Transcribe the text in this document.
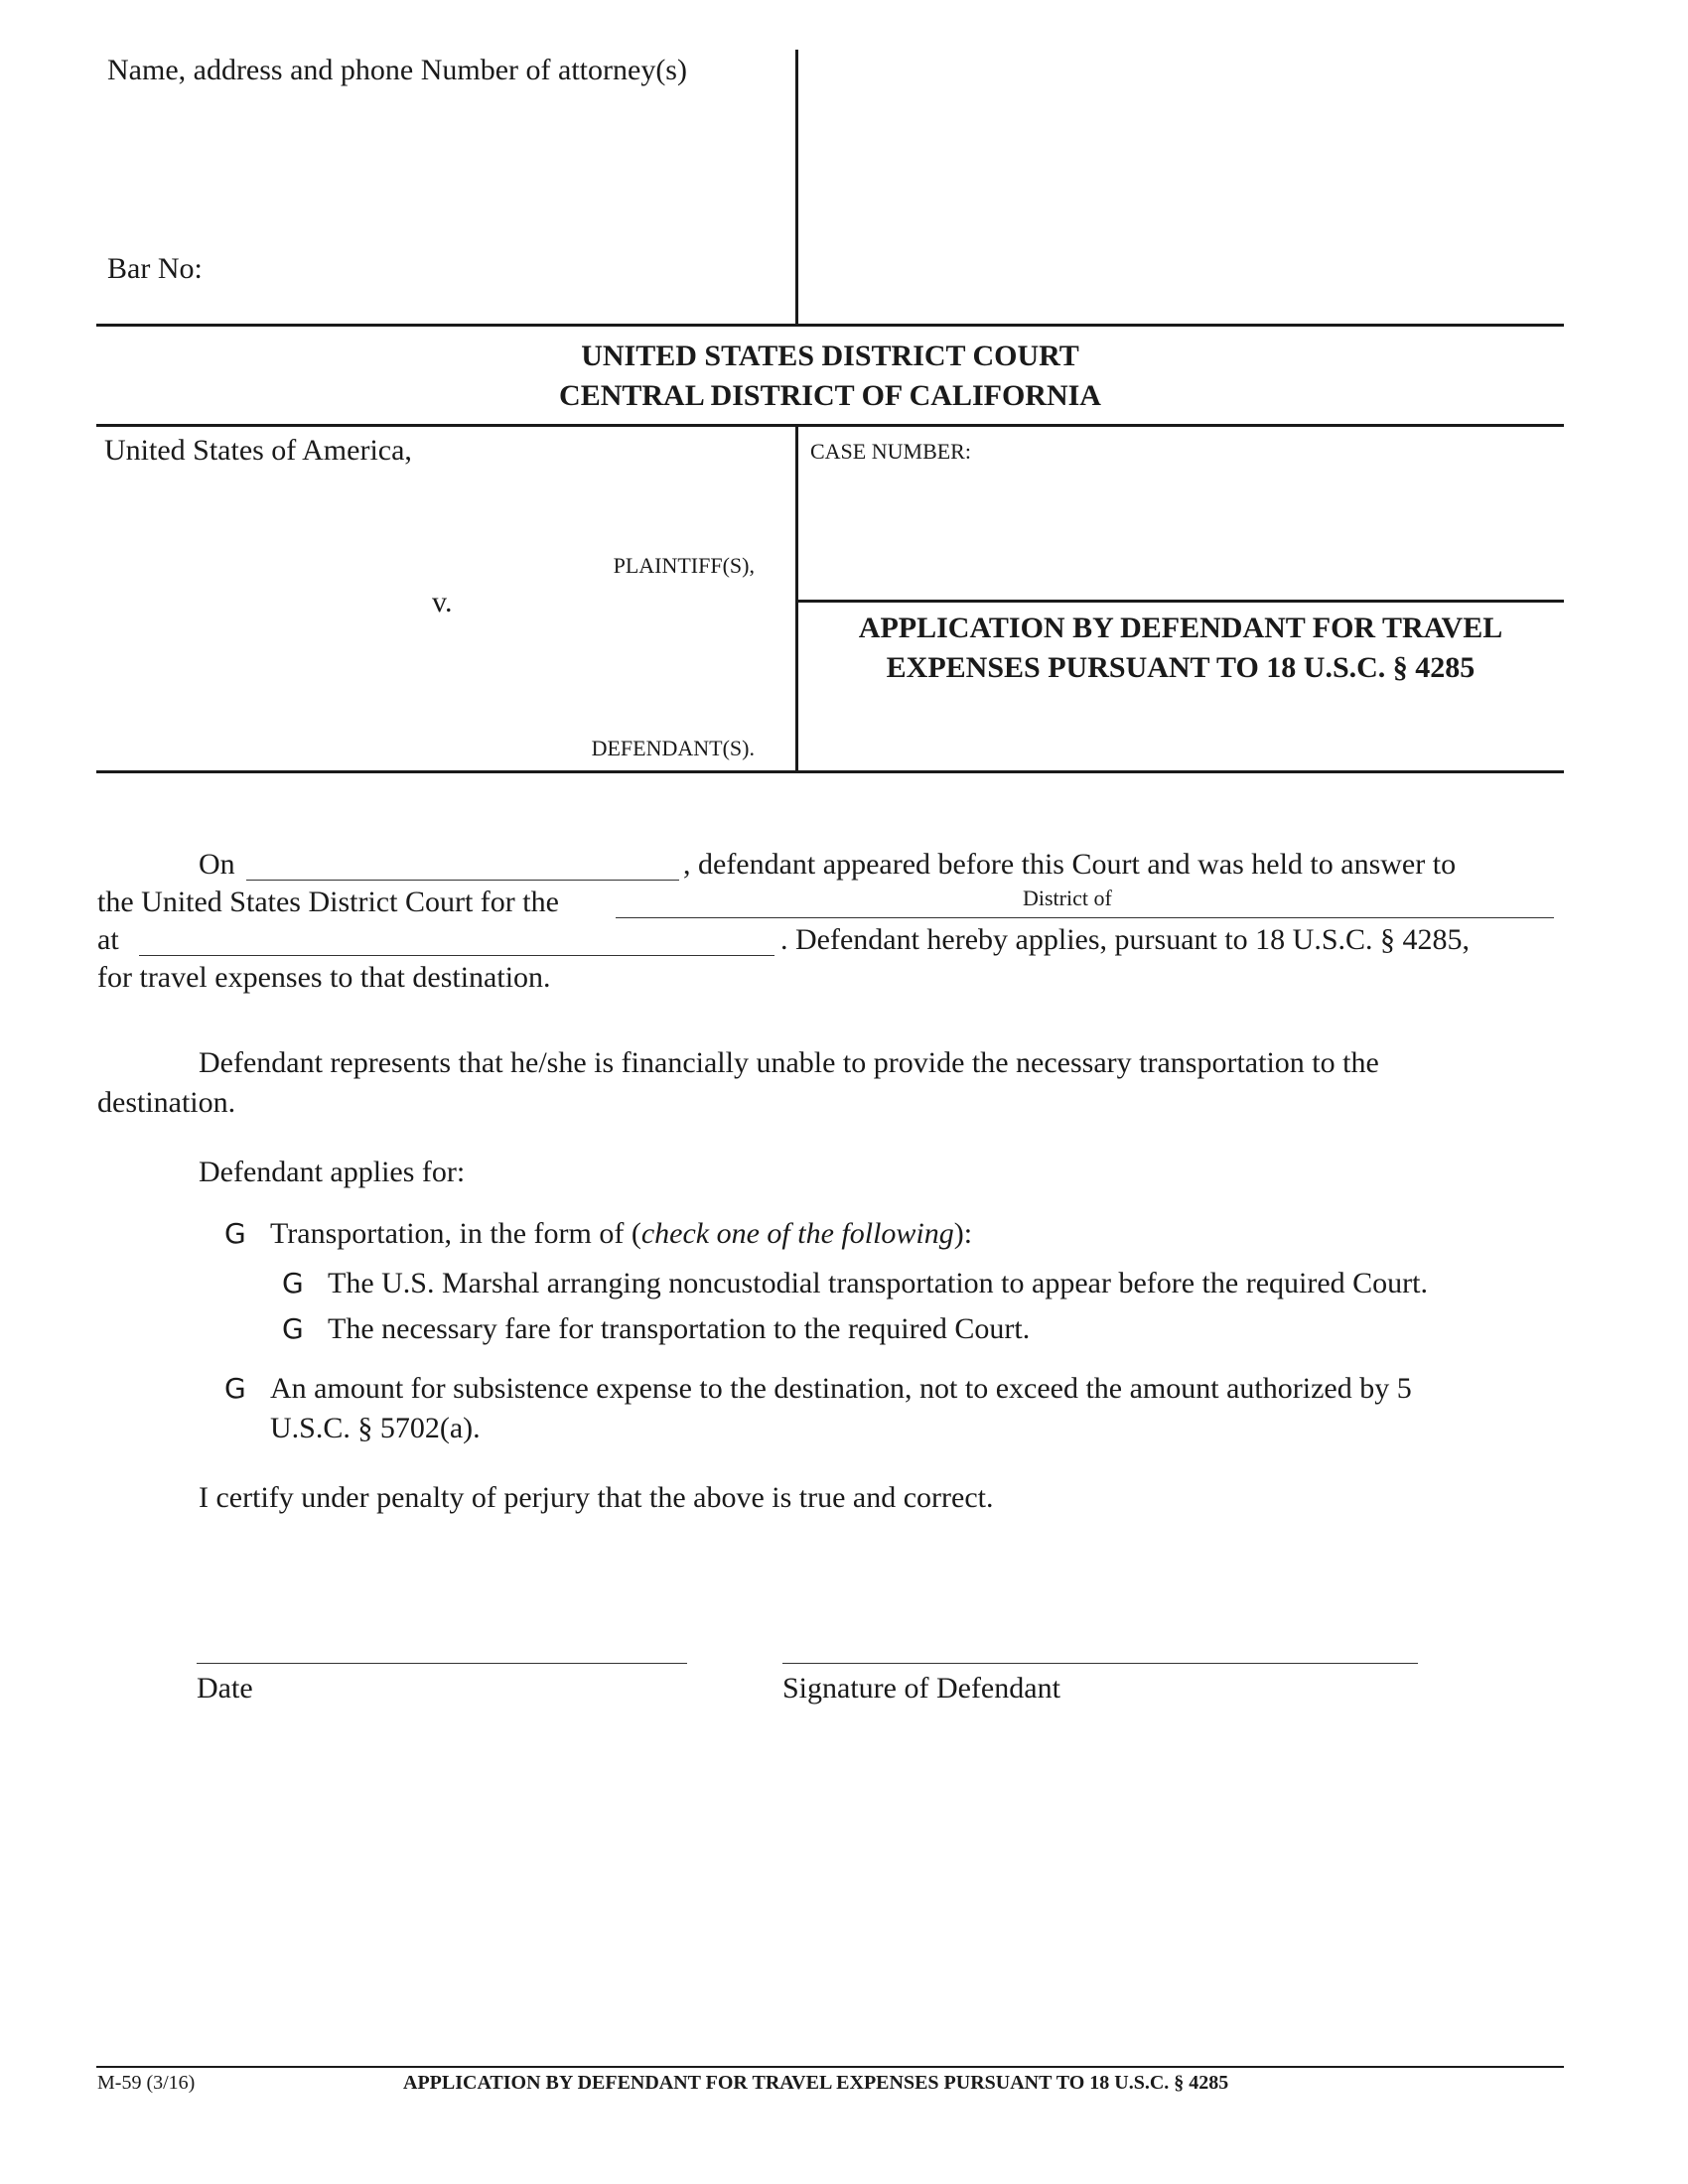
Name, address and phone Number of attorney(s)
Bar No:
UNITED STATES DISTRICT COURT
CENTRAL DISTRICT OF CALIFORNIA
United States of America,
PLAINTIFF(S),
v.
DEFENDANT(S).
CASE NUMBER:
APPLICATION BY DEFENDANT FOR TRAVEL
EXPENSES PURSUANT TO 18 U.S.C. § 4285
On	, defendant appeared before this Court and was held to answer to
the United States District Court for the	District of
at	. Defendant hereby applies, pursuant to 18 U.S.C. § 4285,
for travel expenses to that destination.
Defendant represents that he/she is financially unable to provide the necessary transportation to the
destination.
Defendant applies for:
G Transportation, in the form of (check one of the following):
G The U.S. Marshal arranging noncustodial transportation to appear before the required Court.
G The necessary fare for transportation to the required Court.
G An amount for subsistence expense to the destination, not to exceed the amount authorized by 5
U.S.C. § 5702(a).
I certify under penalty of perjury that the above is true and correct.
Date	Signature of Defendant
M-59 (3/16)	APPLICATION BY DEFENDANT FOR TRAVEL EXPENSES PURSUANT TO 18 U.S.C. § 4285
